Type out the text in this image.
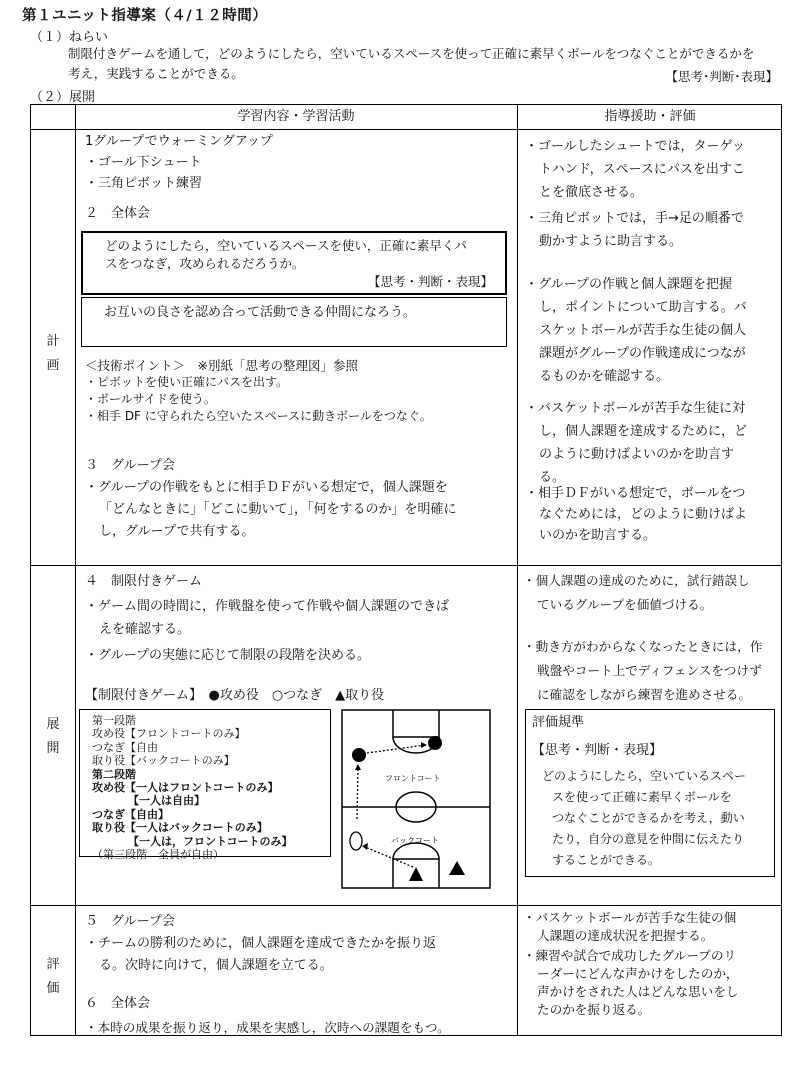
第１ユニット指導案（４/１２時間）
（１）ねらい
制限付きゲームを通して，どのようにしたら，空いているスペースを使って正確に素早くボールをつなぐことができるかを
考え，実践することができる。	【思考･判断･表現】
（２）展開
学習内容・学習活動	指導援助・評価
計
画
展
開
評
価

1グループでウォーミングアップ

・ゴール下シュート

・三角ピボット練習

２　全体会
どのようにしたら，空いているスペースを使い，正確に素早くパ
スをつなぎ，攻められるだろうか。
【思考・判断・表現】
お互いの良さを認め合って活動できる仲間になろう。

＜技術ポイント＞　※別紙「思考の整理図」参照

・ピボットを使い正確にパスを出す。

・ボールサイドを使う。

・相手 DF に守られたら空いたスペースに動きボールをつなぐ。

３　グループ会

・グループの作戦をもとに相手ＤＦがいる想定で，個人課題を

「どんなときに」「どこに動いて」，「何をするのか」を明確に

し，グループで共有する。

・ゴールしたシュートでは，ターゲッ

トハンド，スペースにパスを出すこ

とを徹底させる。

・三角ピボットでは，手→足の順番で

動かすように助言する。

・グループの作戦と個人課題を把握

し，ポイントについて助言する。バ

スケットボールが苦手な生徒の個人

課題がグループの作戦達成につなが

るものかを確認する。

・バスケットボールが苦手な生徒に対

し，個人課題を達成するために，ど

のように動けばよいのかを助言す

る。

・相手ＤＦがいる想定で，ボールをつ

なぐためには，どのように動けばよ

いのかを助言する。

４　制限付きゲーム

・ゲーム間の時間に，作戦盤を使って作戦や個人課題のできば

えを確認する。

・グループの実態に応じて制限の段階を決める。

【制限付きゲーム】　●攻め役　○つなぎ　▲取り役

第一段階

攻め役【フロントコートのみ】

つなぎ【自由

取り役【バックコートのみ】

第二段階

攻め役【一人はフロントコートのみ】

【一人は自由】

つなぎ【自由】

取り役【一人はバックコートのみ】

【一人は，フロントコートのみ】

（第三段階　全員が自由）

フロントコート
バックコート

・個人課題の達成のために，試行錯誤し

ているグループを価値づける。

・動き方がわからなくなったときには，作

戦盤やコート上でディフェンスをつけず

に確認をしながら練習を進めさせる。

評価規準
【思考・判断・表現】

どのようにしたら，空いているスペー

スを使って正確に素早くボールを

つなぐことができるかを考え，動い

たり，自分の意見を仲間に伝えたり

することができる。

５　グループ会

・チームの勝利のために，個人課題を達成できたかを振り返

る。次時に向けて，個人課題を立てる。

６　全体会
・本時の成果を振り返り，成果を実感し，次時への課題をもつ。

・バスケットボールが苦手な生徒の個

人課題の達成状況を把握する。

・練習や試合で成功したグループのリ

ーダーにどんな声かけをしたのか，

声かけをされた人はどんな思いをし

たのかを振り返る。
